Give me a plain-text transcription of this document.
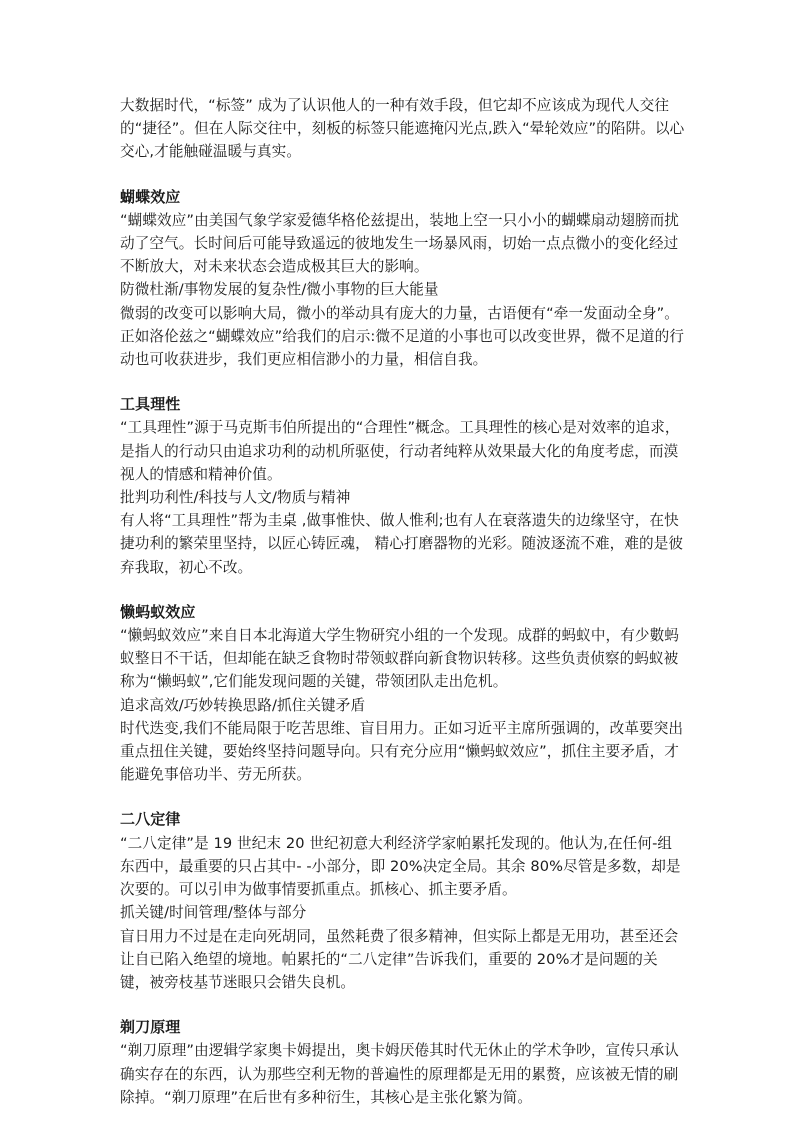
大数据时代，“标签” 成为了认识他人的一种有效手段，但它却不应该成为现代人交往的“捷径”。但在人际交往中，刻板的标签只能遮掩闪光点,跌入“晕轮效应”的陷阱。以心交心,才能触碰温暖与真实。

蝴蝶效应

“蝴蝶效应”由美国气象学家爱德华格伦兹提出，装地上空一只小小的蝴蝶扇动翅膀而扰动了空气。长时间后可能导致遥远的彼地发生一场暴风雨，切始一点点微小的变化经过不断放大，对未来状态会造成极其巨大的影响。

防微杜渐/事物发展的复杂性/微小事物的巨大能量

微弱的改变可以影响大局，微小的举动具有庞大的力量，古语便有“牵一发面动全身”。正如洛伦兹之“蝴蝶效应”给我们的启示:微不足道的小事也可以改变世界，微不足道的行动也可收获进步，我们更应相信渺小的力量，相信自我。

工具理性

“工具理性”源于马克斯韦伯所提出的“合理性”概念。工具理性的核心是对效率的追求，是指人的行动只由追求功利的动机所驱使，行动者纯粹从效果最大化的角度考虑，而漠视人的情感和精神价值。

批判功利性/科技与人文/物质与精神

有人将“工具理性”帮为圭桌 ,做事惟快、做人惟利;也有人在衰落遗失的边缘坚守，在快捷功利的繁荣里坚持，以匠心铸匠魂， 精心打磨器物的光彩。随波逐流不难，难的是彼弃我取，初心不改。

懒蚂蚁效应

“懒蚂蚁效应”来自日本北海道大学生物研究小组的一个发现。成群的蚂蚁中，有少數蚂蚁整日不干话，但却能在缺乏食物时带领蚁群向新食物识转移。这些负责侦察的蚂蚁被称为“懒蚂蚁”,它们能发现问题的关键，带领团队走出危机。

追求高效/巧妙转换思路/抓住关键矛盾

时代迭变,我们不能局限于吃苦思维、盲目用力。正如习近平主席所强调的，改革要突出重点扭住关键，要始终坚持问题导向。只有充分应用“懒蚂蚁效应”，抓住主要矛盾，才能避免事倍功半、劳无所获。

二八定律

“二八定律”是 19 世纪末 20 世纪初意大利经济学家帕累托发现的。他认为,在任何-组东西中，最重要的只占其中- -小部分，即 20%决定全局。其余 80%尽管是多数，却是次要的。可以引申为做事情要抓重点。抓核心、抓主要矛盾。

抓关键/时间管理/整体与部分

盲日用力不过是在走向死胡同，虽然耗费了很多精神，但实际上都是无用功，甚至还会让自已陷入绝望的境地。帕累托的“二八定律”告诉我们，重要的 20%才是问题的关键，被旁枝基节迷眼只会错失良机。

剃刀原理

“剃刀原理”由逻辑学家奥卡姆提出，奥卡姆厌倦其时代无休止的学术争吵，宣传只承认确实存在的东西，认为那些空利无物的普遍性的原理都是无用的累赘，应该被无情的刷除掉。“剃刀原理”在后世有多种衍生，其核心是主张化繁为简。
